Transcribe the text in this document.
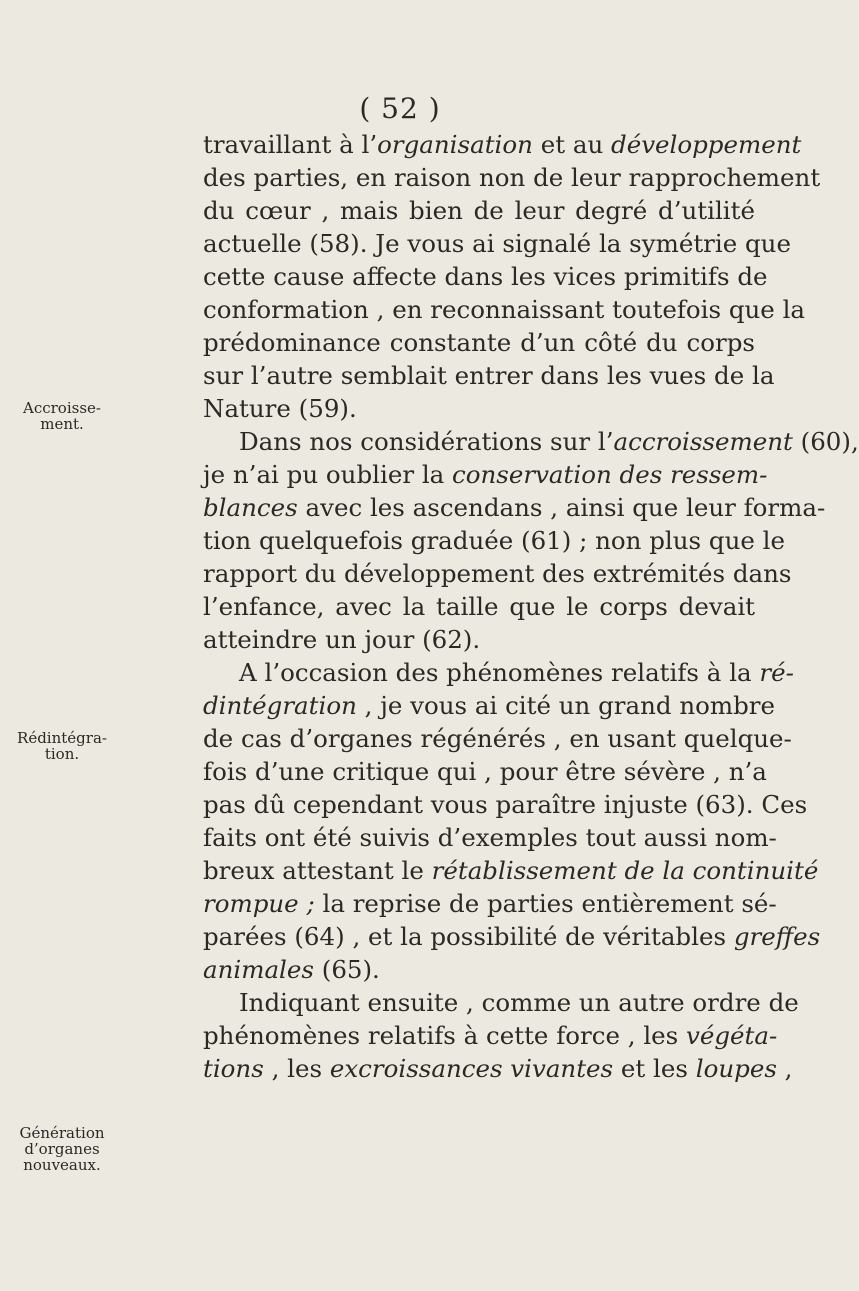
( 52 )
Accroisse-
ment.
Rédintégra-
tion.
Génération
d’organes
nouveaux.
travaillant à l’organisation et au développement
des parties, en raison non de leur rapprochement
du cœur , mais bien de leur degré d’utilité
actuelle (58). Je vous ai signalé la symétrie que
cette cause affecte dans les vices primitifs de
conformation , en reconnaissant toutefois que la
prédominance constante d’un côté du corps
sur l’autre semblait entrer dans les vues de la
Nature (59).
Dans nos considérations sur l’accroissement (60),
je n’ai pu oublier la conservation des ressem-
blances avec les ascendans , ainsi que leur forma-
tion quelquefois graduée (61) ; non plus que le
rapport du développement des extrémités dans
l’enfance, avec la taille que le corps devait
atteindre un jour (62).
A l’occasion des phénomènes relatifs à la ré-
dintégration , je vous ai cité un grand nombre
de cas d’organes régénérés , en usant quelque-
fois d’une critique qui , pour être sévère , n’a
pas dû cependant vous paraître injuste (63). Ces
faits ont été suivis d’exemples tout aussi nom-
breux attestant le rétablissement de la continuité
rompue ; la reprise de parties entièrement sé-
parées (64) , et la possibilité de véritables greffes
animales (65).
Indiquant ensuite , comme un autre ordre de
phénomènes relatifs à cette force , les végéta-
tions , les excroissances vivantes et les loupes ,
